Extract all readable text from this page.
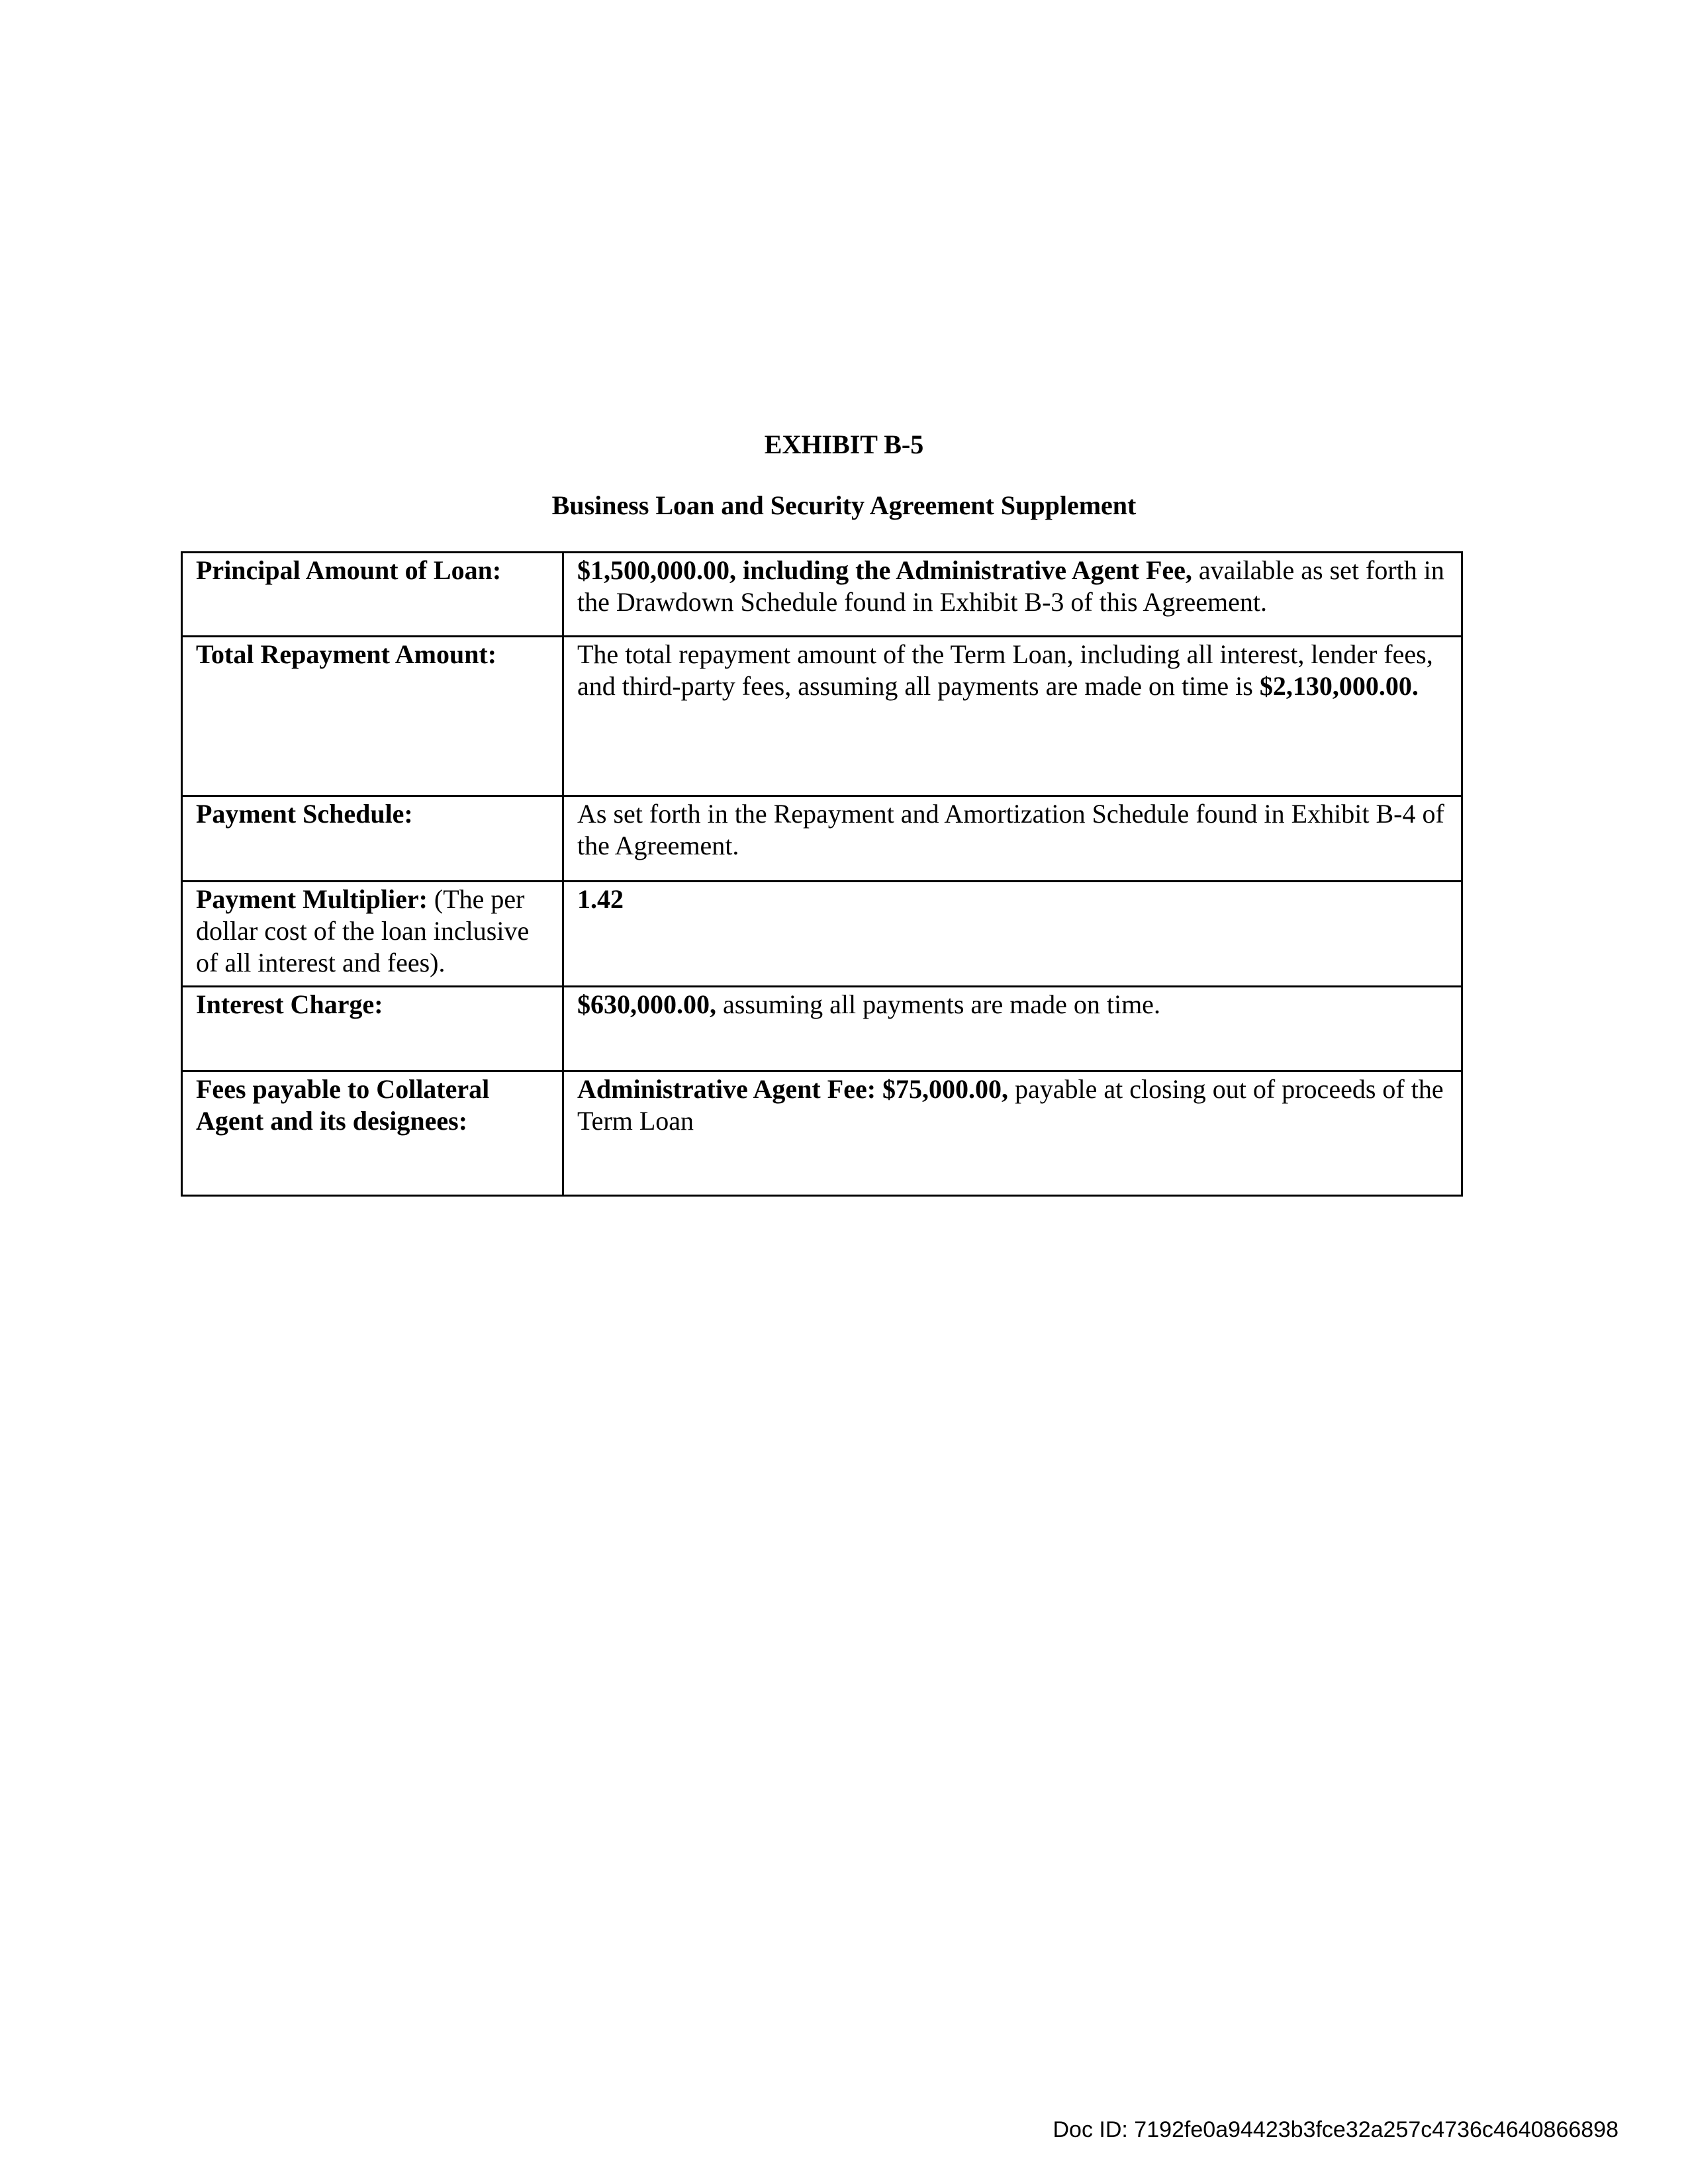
EXHIBIT B-5
Business Loan and Security Agreement Supplement
Principal Amount of Loan:	$1,500,000.00, including the Administrative Agent Fee, available as set forth in the Drawdown Schedule found in Exhibit B-3 of this Agreement.
Total Repayment Amount:	The total repayment amount of the Term Loan, including all interest, lender fees, and third-party fees, assuming all payments are made on time is $2,130,000.00.
Payment Schedule:	As set forth in the Repayment and Amortization Schedule found in Exhibit B-4 of the Agreement.
Payment Multiplier: (The per dollar cost of the loan inclusive of all interest and fees).	1.42
Interest Charge:	$630,000.00, assuming all payments are made on time.
Fees payable to Collateral Agent and its designees:	Administrative Agent Fee: $75,000.00, payable at closing out of proceeds of the Term Loan
Doc ID: 7192fe0a94423b3fce32a257c4736c4640866898
